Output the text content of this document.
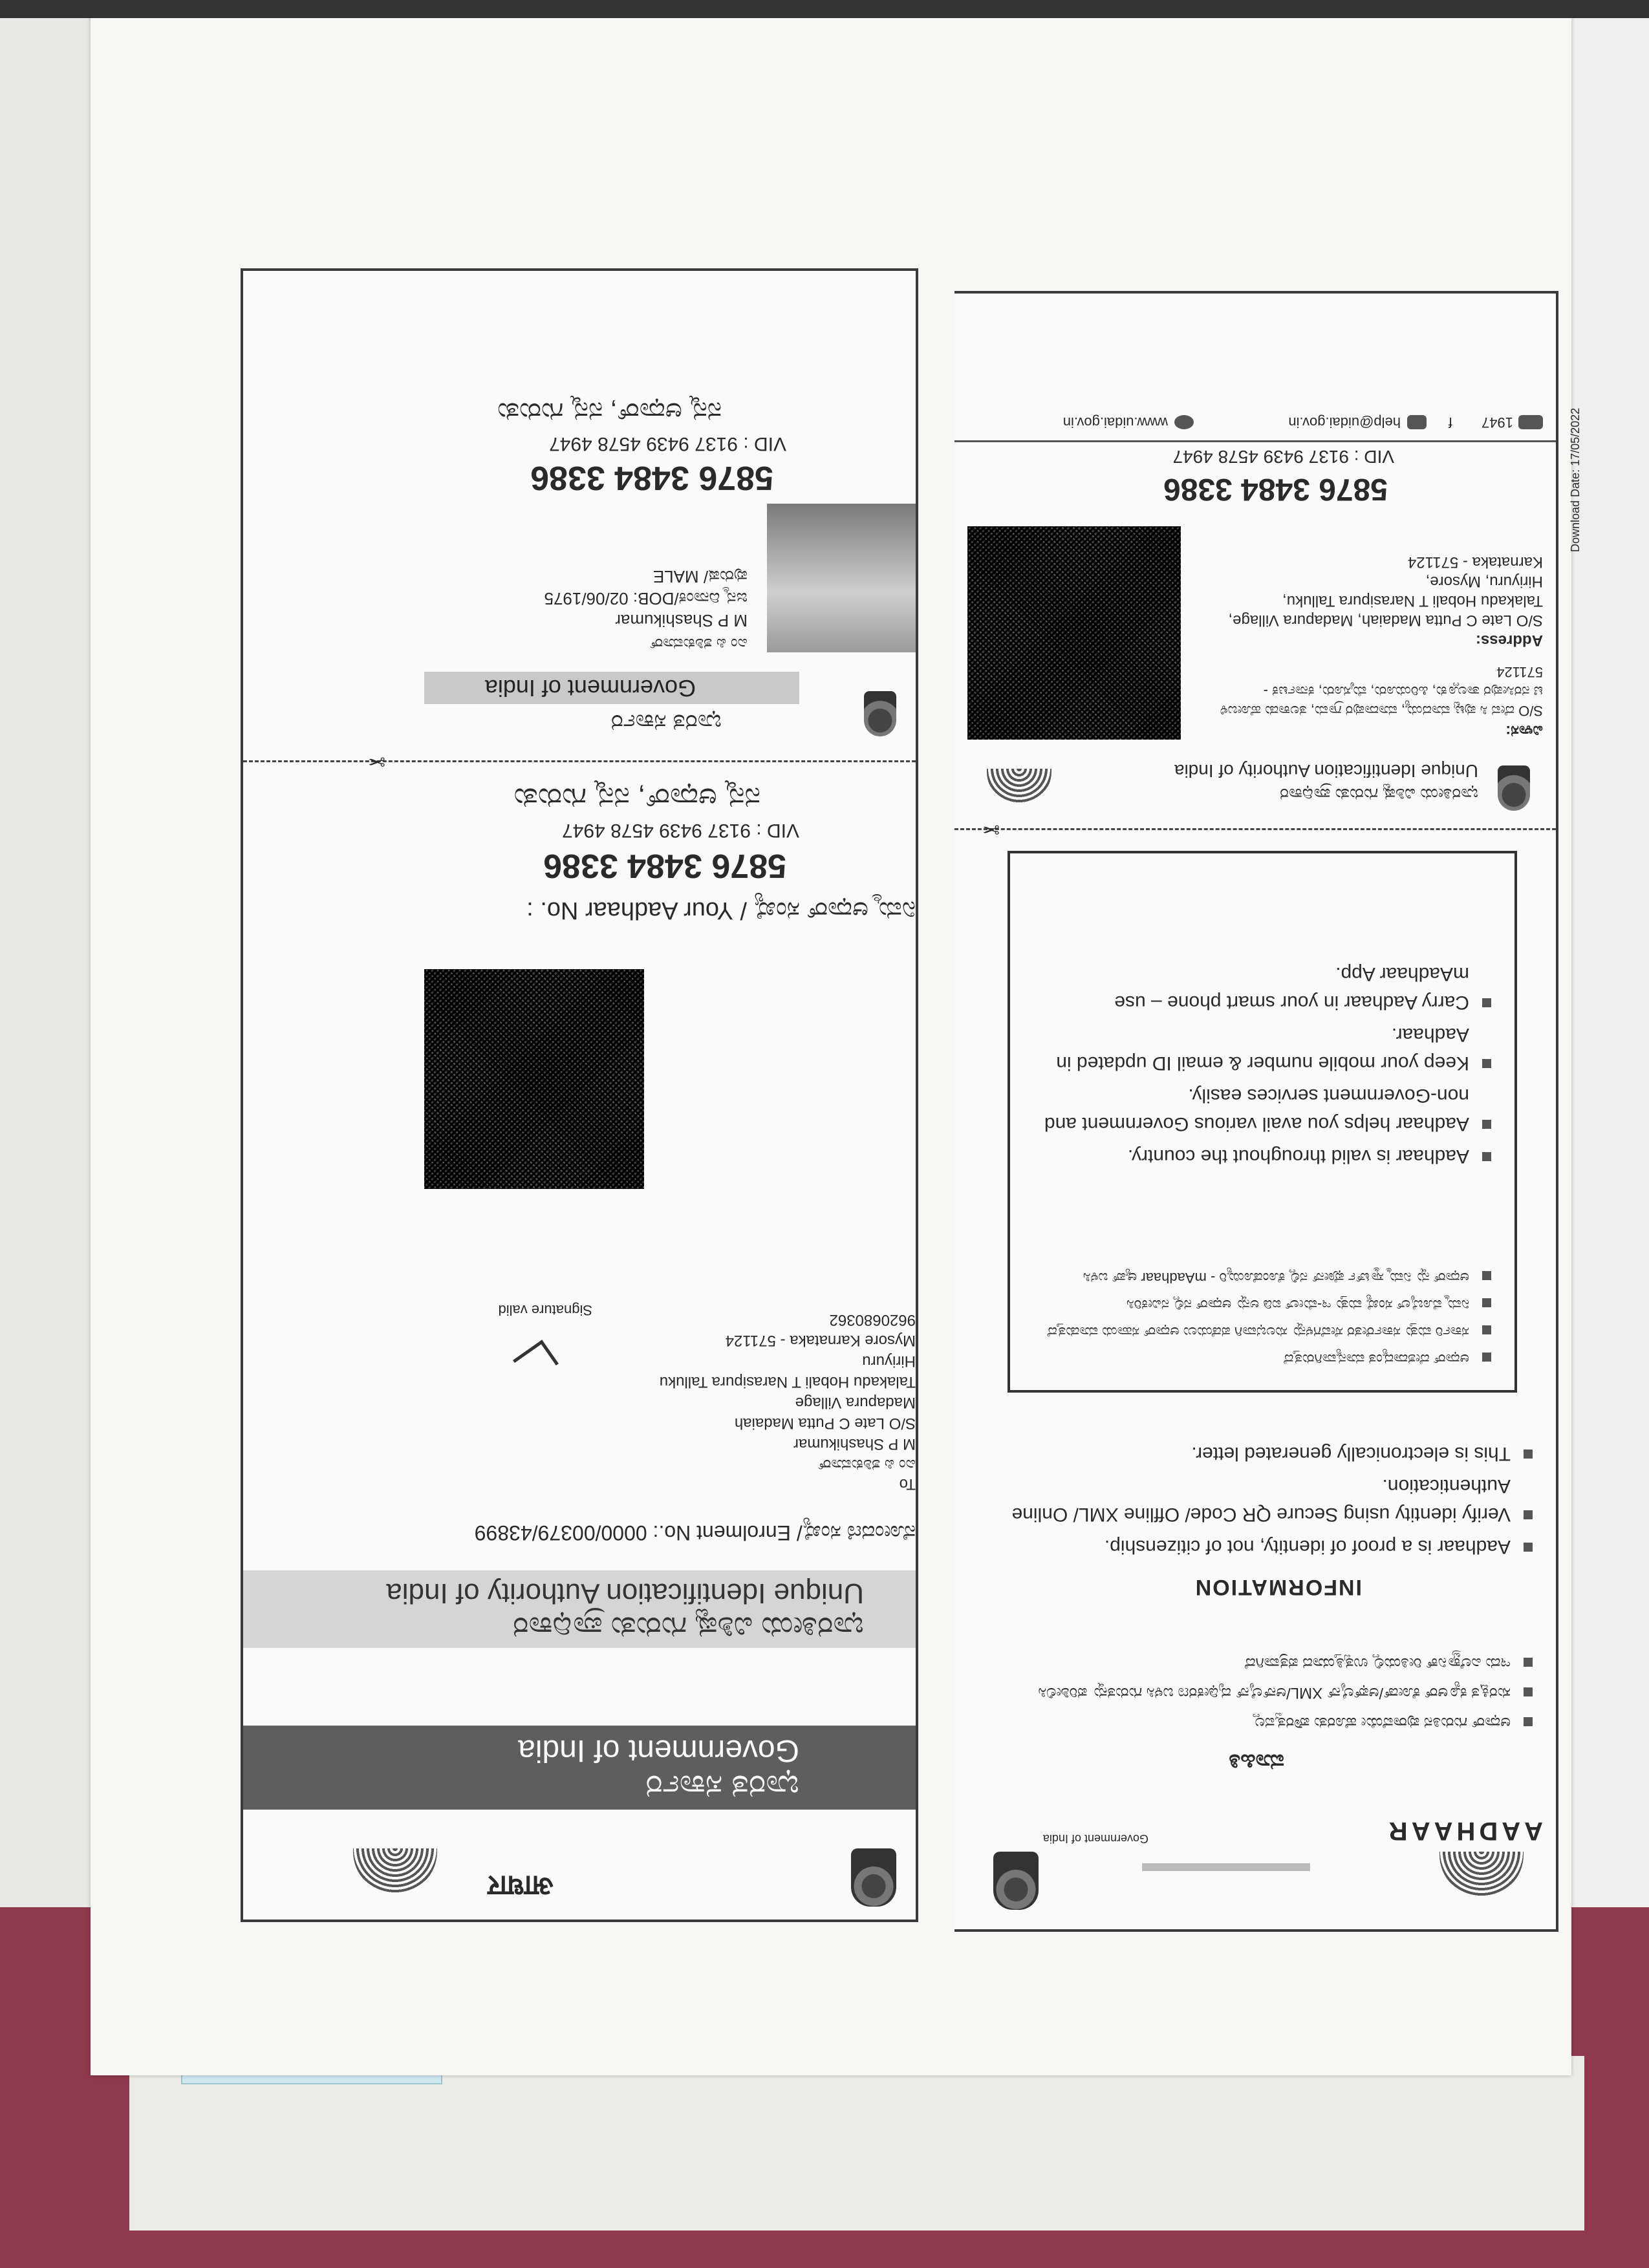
आधार
ಭಾರತ ಸರ್ಕಾರ
Government of India
ಭಾರತೀಯ ವಿಶಿಷ್ಟ ಗುರುತು ಪ್ರಾಧಿಕಾರ
Unique Identification Authority of India
ನೋಂದಣಿ ಸಂಖ್ಯೆ/ Enrolment No.: 0000/00379/43899
To
ಎಂ ಪಿ ಶಶಿಕುಮಾರ್
M P Shashikumar
S/O Late C Putta Madaiah
Madapura Village
Talakadu Hobali T Narasipura Talluku
Hiriyuru
Mysore Karnataka - 571124
9620680362
Signature valid
ನಿಮ್ಮ ಆಧಾರ್ ಸಂಖ್ಯೆ / Your Aadhaar No. :
5876 3484 3386
VID : 9137 9439 4578 4947
ನನ್ನ ಆಧಾರ್, ನನ್ನ ಗುರುತು
✂
ಭಾರತ ಸರ್ಕಾರ
Government of India
ಎಂ ಪಿ ಶಶಿಕುಮಾರ್
M P Shashikumar
ಜನ್ಮ ದಿನಾಂಕ/DOB: 02/06/1975
ಪುರುಷ/ MALE
5876 3484 3386
VID : 9137 9439 4578 4947
ನನ್ನ ಆಧಾರ್, ನನ್ನ ಗುರುತು
Government of India	AADHAAR
ಮಾಹಿತಿ
ಆಧಾರ್ ಗುರುತಿನ ಪುರಾವೆಯೇ ಹೊರತು ಪೌರತ್ವವಲ್ಲ
ಸುರಕ್ಷಿತ ಕ್ಯೂಆರ್ ಕೋಡ್/ಆಫ್‌ಲೈನ್ XML/ಆನ್‌ಲೈನ್ ದೃಢೀಕರಣ ಬಳಸಿ ಗುರುತನ್ನು ಪರಿಶೀಲಿಸಿ
ಇದು ಎಲೆಕ್ಟ್ರಾನಿಕ್ ರೀತಿಯಲ್ಲಿ ಉತ್ಪತ್ತಿಯಾದ ಪತ್ರವಾಗಿದೆ
INFORMATION
Aadhaar is a proof of identity, not of citizenship.
Verify identity using Secure QR Code/ Offline XML/ Online Authentication.
This is electronically generated letter.
ಆಧಾರ್ ದೇಶದಾದ್ಯಂತ ಮಾನ್ಯವಾಗಿರುತ್ತದೆ
ಸರ್ಕಾರಿ ಮತ್ತು ಸರ್ಕಾರೇತರ ಸೇವೆಗಳನ್ನು ಸುಲಭವಾಗಿ ಪಡೆಯಲು ಆಧಾರ್ ಸಹಾಯ ಮಾಡುತ್ತದೆ
ನಿಮ್ಮ ಮೊಬೈಲ್ ಸಂಖ್ಯೆ ಮತ್ತು ಇ-ಮೇಲ್ ಐಡಿ ಅನ್ನು ಆಧಾರ್ ನಲ್ಲಿ ನವೀಕರಿಸಿ
ಆಧಾರ್ ನ್ನು ನಿಮ್ಮ ಸ್ಮಾರ್ಟ್ ಫೋನ್ ನಲ್ಲಿ ಕೊಂಡೊಯ್ಯಿರಿ - mAadhaar ಆ್ಯಪ್ ಬಳಸಿ
Aadhaar is valid throughout the country.
Aadhaar helps you avail various Government and non-Government services easily.
Keep your mobile number & email ID updated in Aadhaar.
Carry Aadhaar in your smart phone – use mAadhaar App.
✂
ಭಾರತೀಯ ವಿಶಿಷ್ಟ ಗುರುತು ಪ್ರಾಧಿಕಾರ
Unique Identification Authority of India
ವಿಳಾಸ:
S/O ದೇವ ಸಿ ಪುಟ್ಟ ಮಾದಯ್ಯ, ಮಾದಾಪುರ ಗ್ರಾಮ, ತಲಕಾಡು ಹೋಬಳಿ ಟಿ ನರಸೀಪುರ ತಾಲ್ಲೂಕು, ಹಿರಿಯೂರು, ಮೈಸೂರು, ಕರ್ನಾಟಕ - 571124
Address:
S/O Late C Putta Madaiah, Madapura Village,
Talakadu Hobali T Narasipura Talluku,
Hiriyuru, Mysore,
Karnataka - 571124
Download Date: 17/05/2022
5876 3484 3386
VID : 9137 9439 4578 4947
1947
f
help@uidai.gov.in
www.uidai.gov.in
